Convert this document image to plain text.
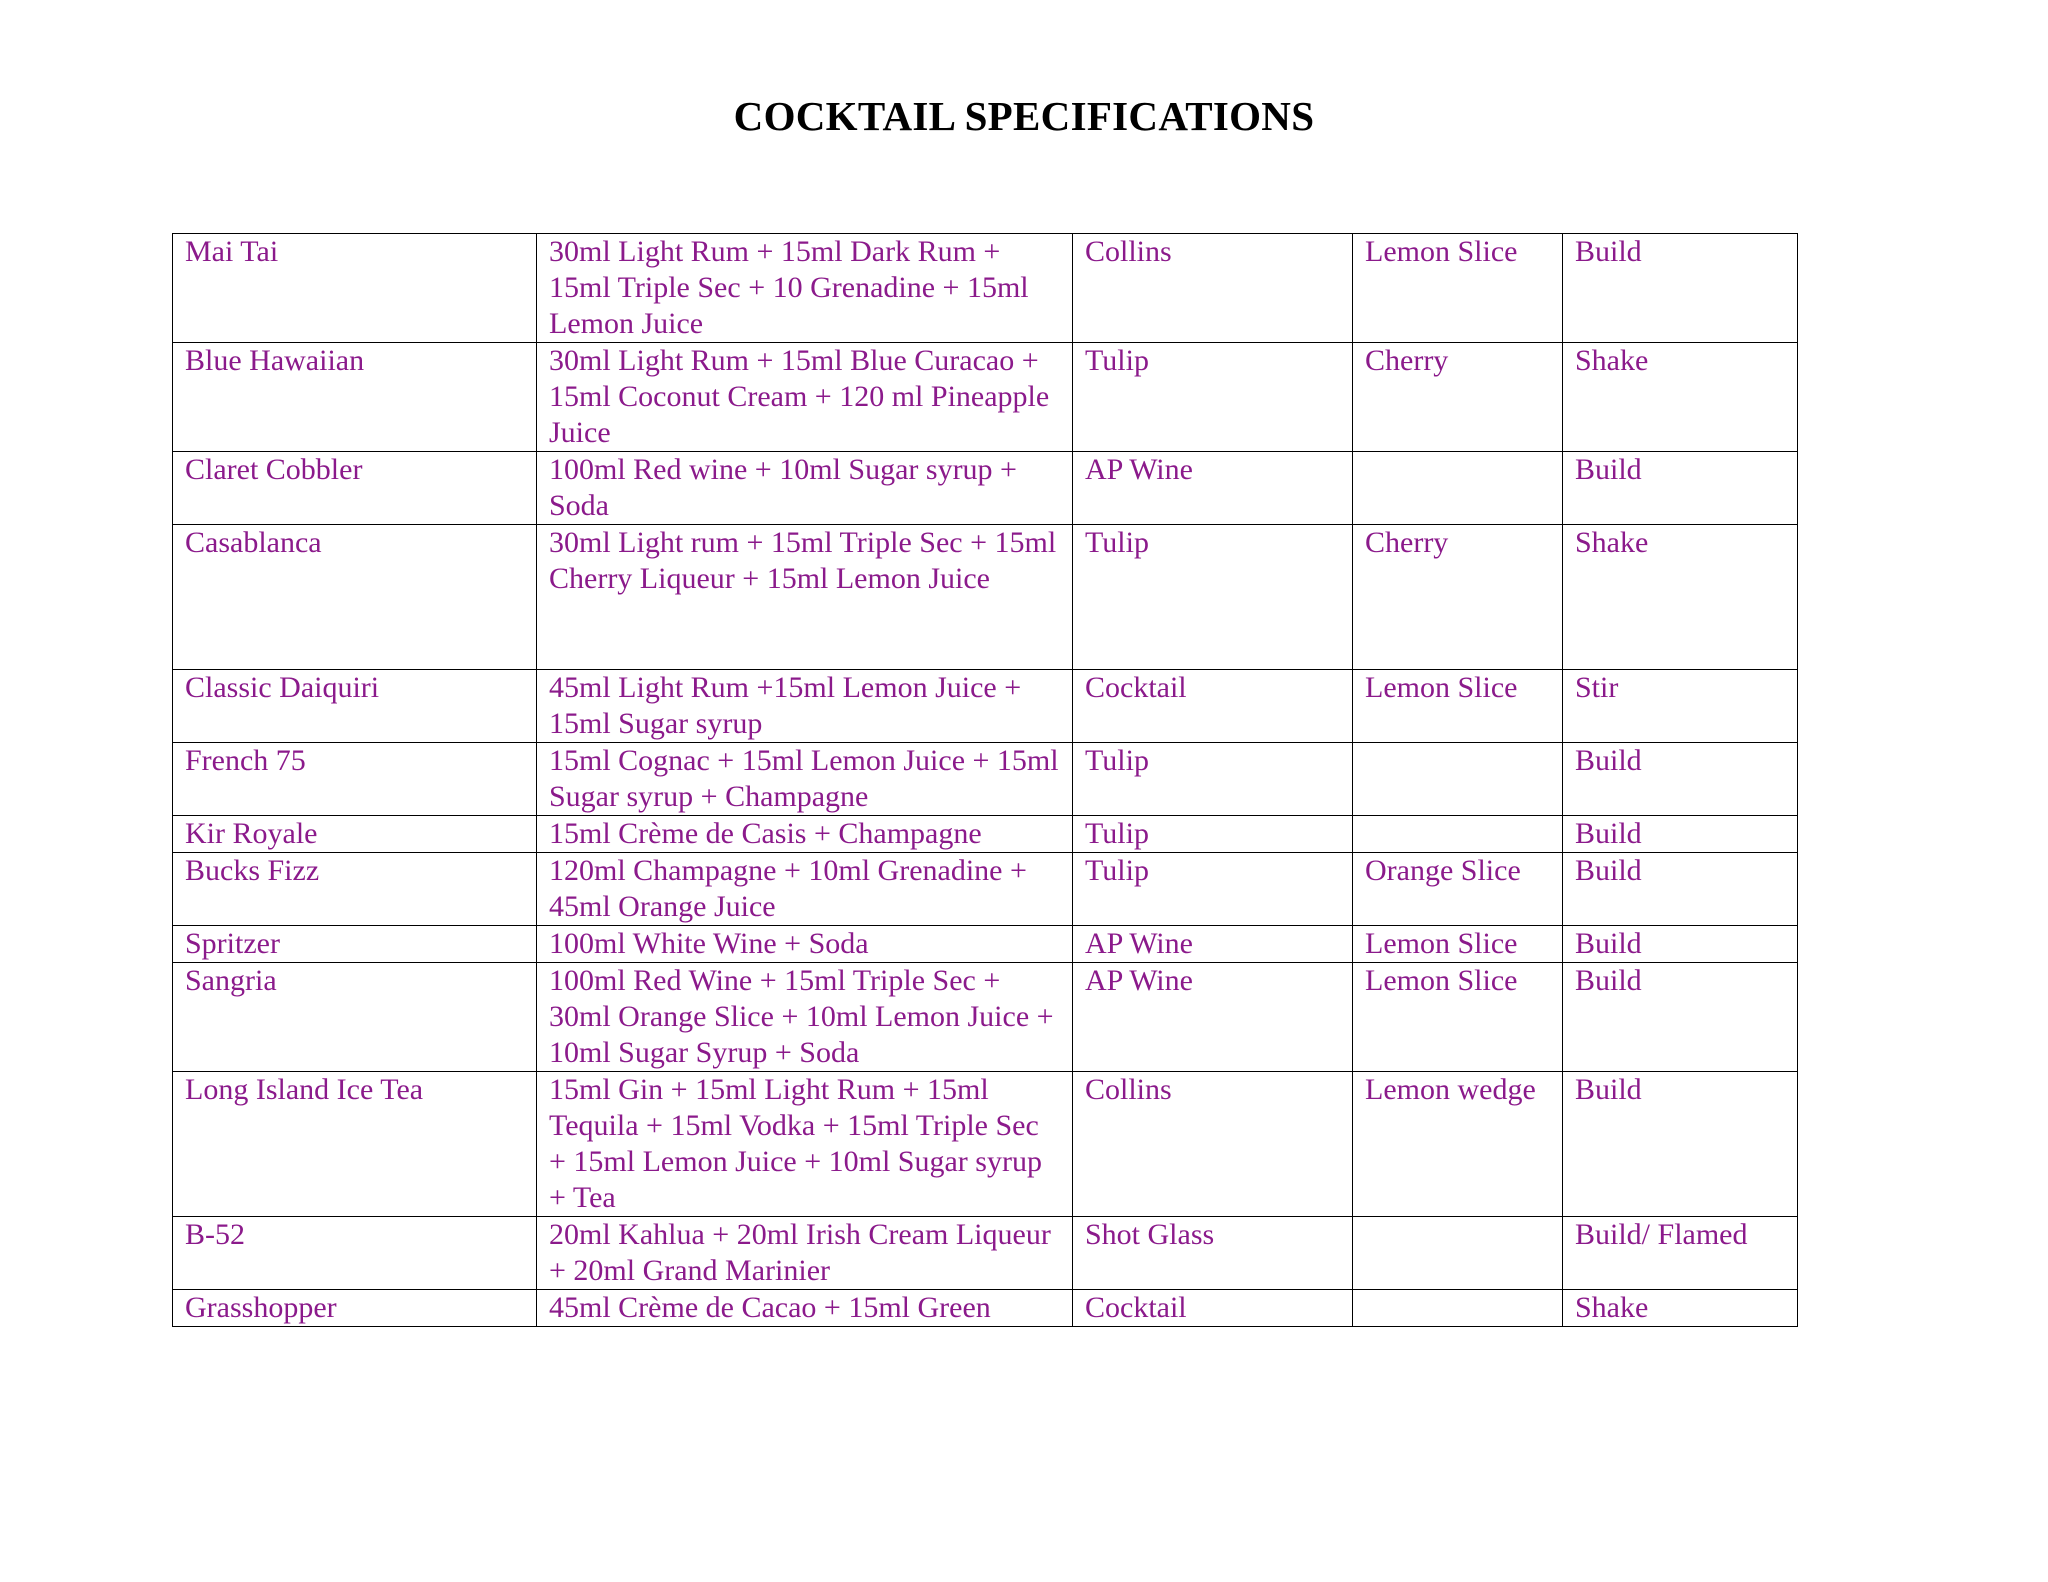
COCKTAIL SPECIFICATIONS
Mai Tai	30ml Light Rum + 15ml Dark Rum + 15ml Triple Sec + 10 Grenadine + 15ml Lemon Juice	Collins	Lemon Slice	Build
Blue Hawaiian	30ml Light Rum + 15ml Blue Curacao + 15ml Coconut Cream + 120 ml Pineapple Juice	Tulip	Cherry	Shake
Claret Cobbler	100ml Red wine + 10ml Sugar syrup + Soda	AP Wine		Build
Casablanca	30ml Light rum + 15ml Triple Sec + 15ml Cherry Liqueur + 15ml Lemon Juice	Tulip	Cherry	Shake
Classic Daiquiri	45ml Light Rum +15ml Lemon Juice + 15ml Sugar syrup	Cocktail	Lemon Slice	Stir
French 75	15ml Cognac + 15ml Lemon Juice + 15ml Sugar syrup + Champagne	Tulip		Build
Kir Royale	15ml Crème de Casis + Champagne	Tulip		Build
Bucks Fizz	120ml Champagne + 10ml Grenadine + 45ml Orange Juice	Tulip	Orange Slice	Build
Spritzer	100ml White Wine + Soda	AP Wine	Lemon Slice	Build
Sangria	100ml Red Wine + 15ml Triple Sec + 30ml Orange Slice + 10ml Lemon Juice + 10ml Sugar Syrup + Soda	AP Wine	Lemon Slice	Build
Long Island Ice Tea	15ml Gin + 15ml Light Rum + 15ml Tequila + 15ml Vodka + 15ml Triple Sec + 15ml Lemon Juice + 10ml Sugar syrup + Tea	Collins	Lemon wedge	Build
B-52	20ml Kahlua + 20ml Irish Cream Liqueur + 20ml Grand Marinier	Shot Glass		Build/ Flamed
Grasshopper	45ml Crème de Cacao + 15ml Green	Cocktail		Shake
